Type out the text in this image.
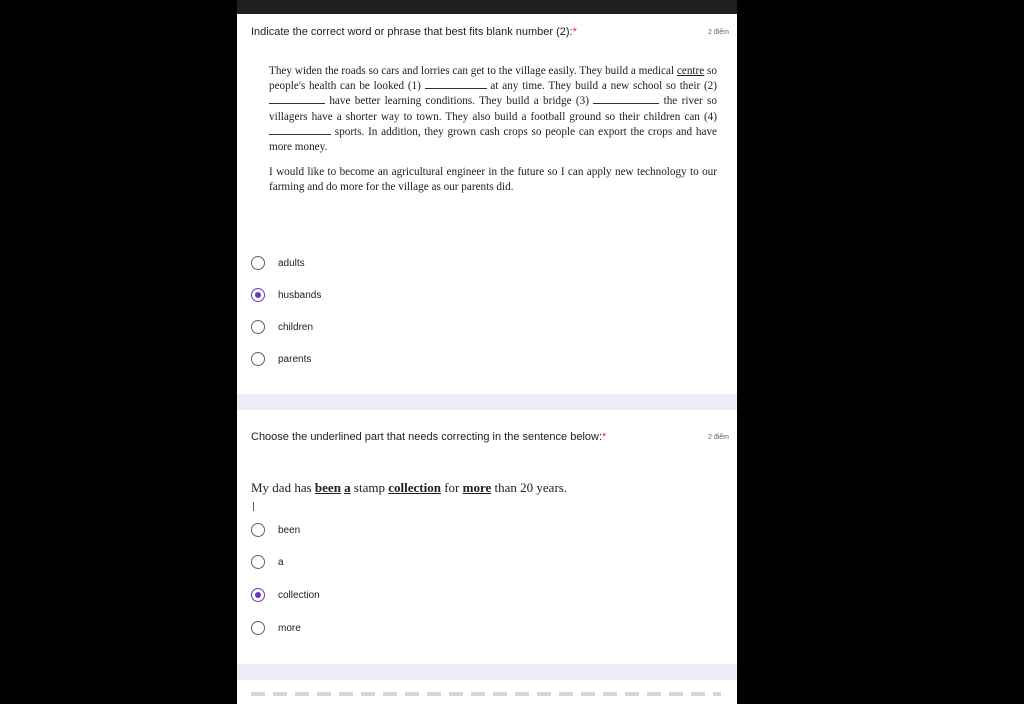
Indicate the correct word or phrase that best fits blank number (2):*	2 điểm

They widen the roads so cars and lorries can get to the village easily. They build a medical centre so people's health can be looked (1)	at any time. They build a new school so their (2)  have better learning conditions. They build a bridge (3)	the river so villagers have a shorter way to town. They also build a football ground so their children can (4)  sports. In addition, they grown cash crops so people can export the crops and have more money.

I would like to become an agricultural engineer in the future so I can apply new technology to our farming and do more for the village as our parents did.

adults
husbands
children
parents
Choose the underlined part that needs correcting in the sentence below:*	2 điểm
My dad has been a stamp collection for more than 20 years.
been
a
collection
more
